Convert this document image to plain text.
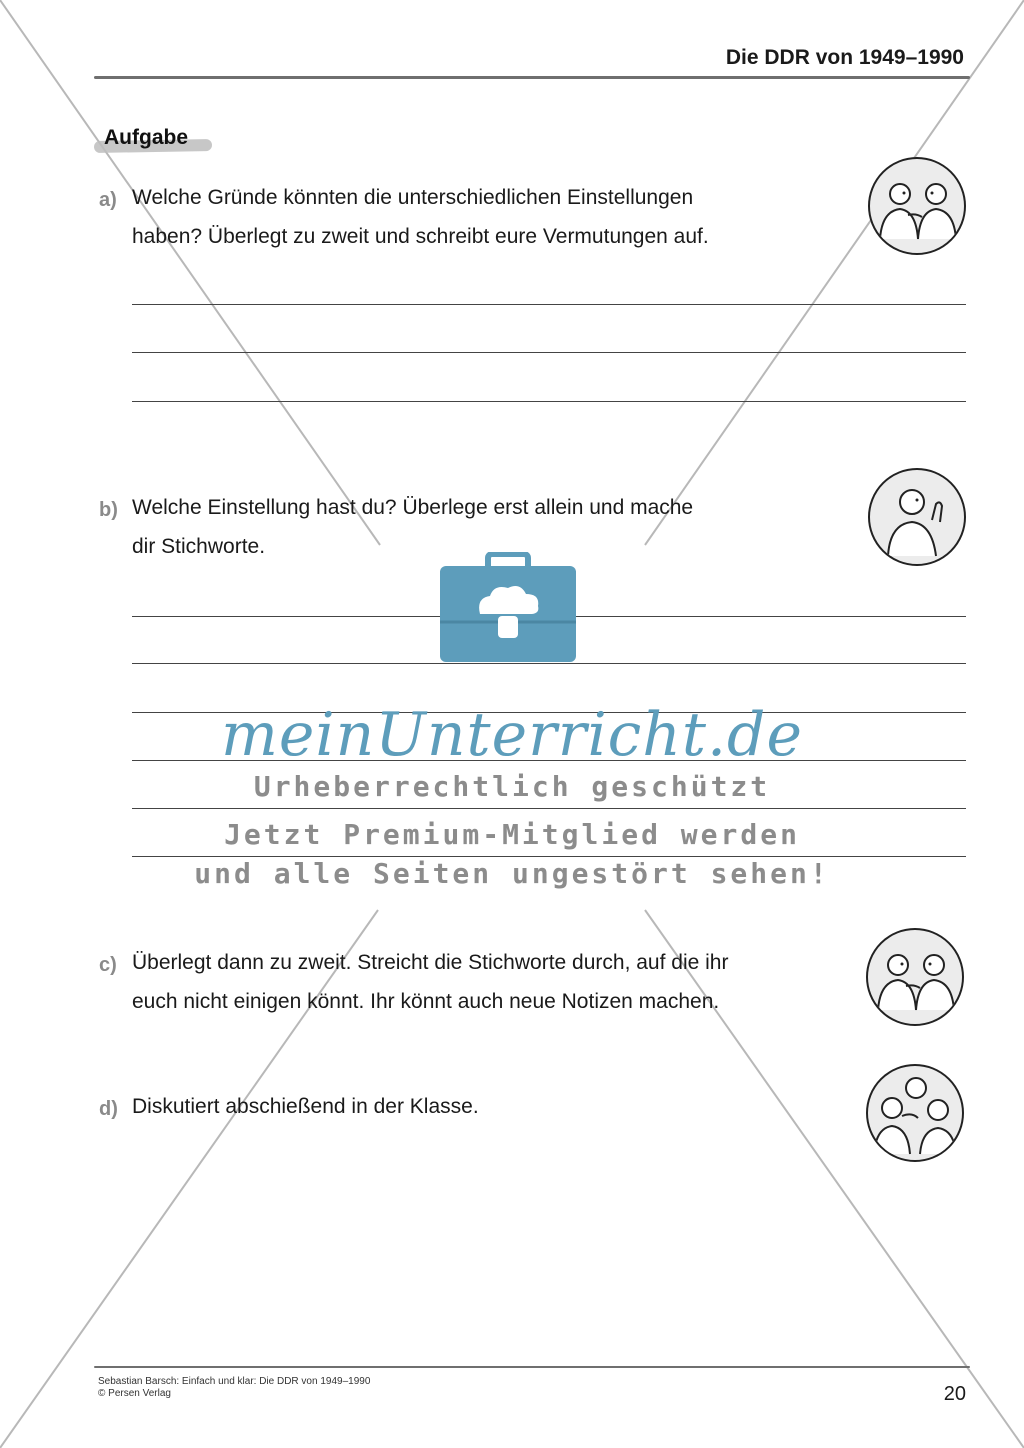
Die DDR von 1949–1990
Aufgabe
a) Welche Gründe könnten die unterschiedlichen Einstellungen
haben? Überlegt zu zweit und schreibt eure Vermutungen auf.
b) Welche Einstellung hast du? Überlege erst allein und mache
dir Stichworte.
meinUnterricht.de
Urheberrechtlich geschützt
Jetzt Premium-Mitglied werden
und alle Seiten ungestört sehen!
c) Überlegt dann zu zweit. Streicht die Stichworte durch, auf die ihr
euch nicht einigen könnt. Ihr könnt auch neue Notizen machen.
d) Diskutiert abschießend in der Klasse.
Sebastian Barsch: Einfach und klar: Die DDR von 1949–1990
© Persen Verlag	20
